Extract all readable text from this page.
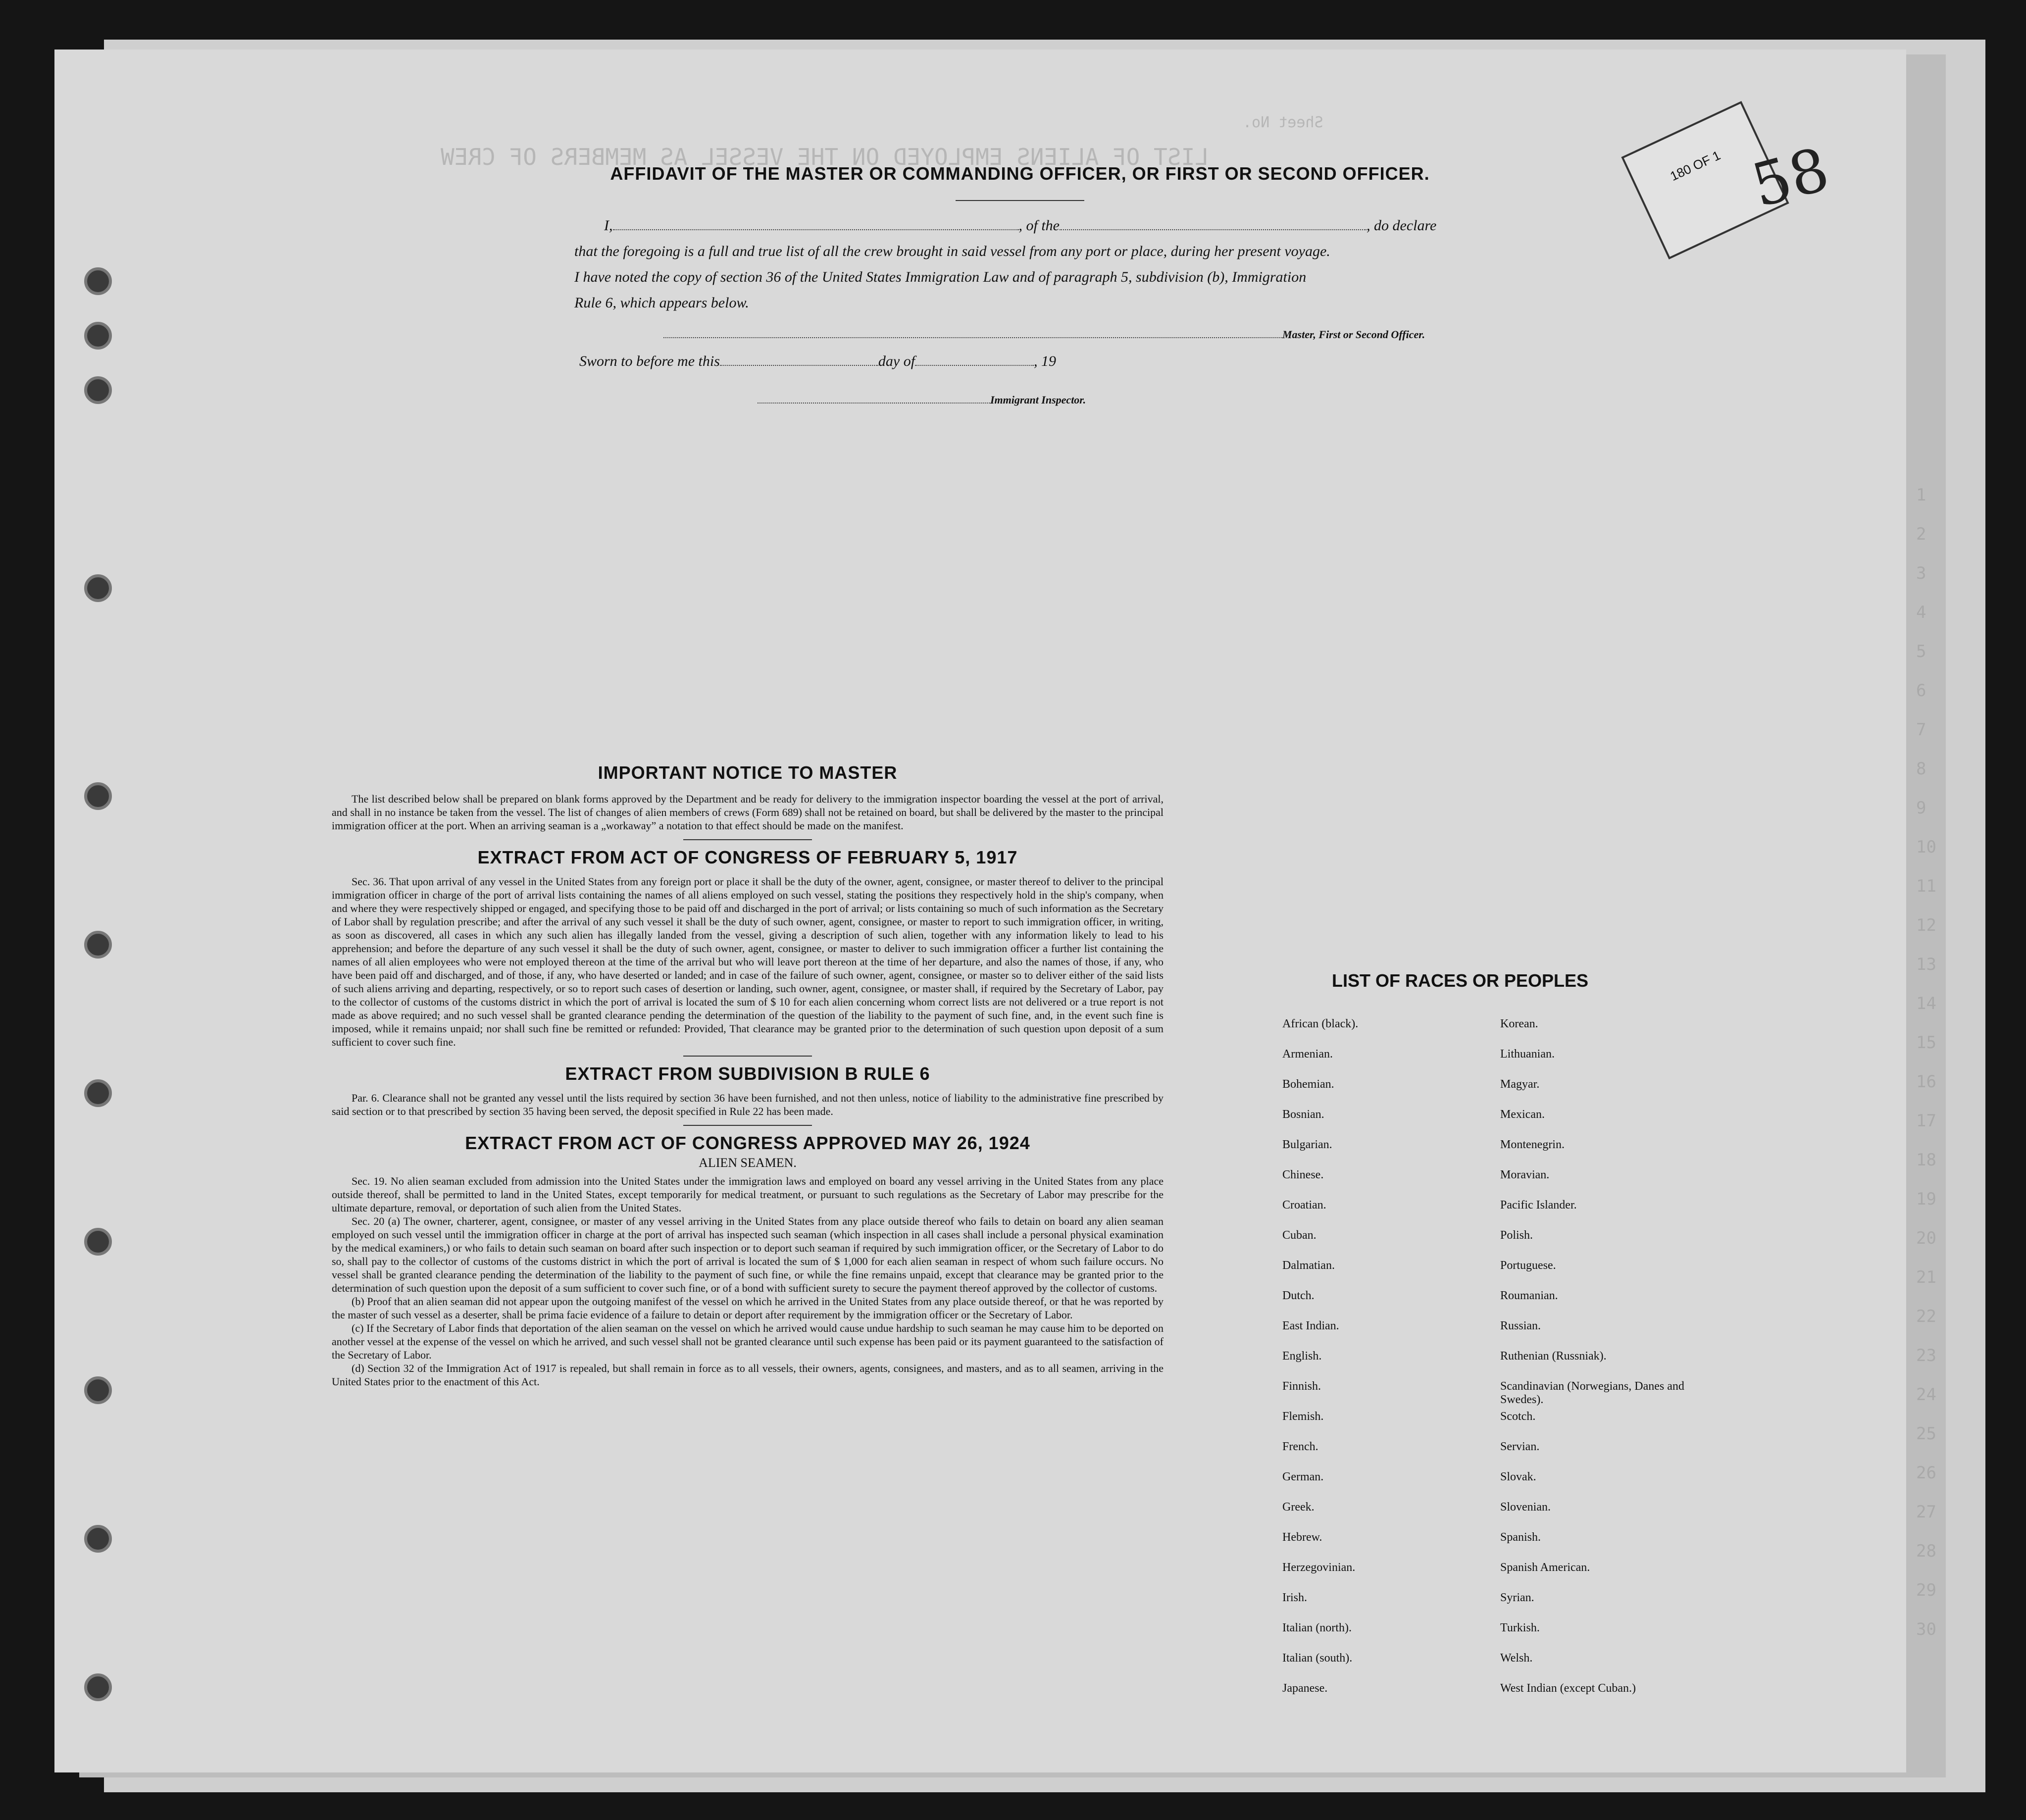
LIST OF ALIENS EMPLOYED ON THE VESSEL AS MEMBERS OF CREW
Sheet No.
1
2
3
4
5
6
7
8
9
10
11
12
13
14
15
16
17
18
19
20
21
22
23
24
25
26
27
28
29
30
180 OF 1 58
AFFIDAVIT OF THE MASTER OR COMMANDING OFFICER, OR FIRST OR SECOND OFFICER.
I,	, of the	, do declare
that the foregoing is a full and true list of all the crew brought in said vessel from any port or place, during her present voyage.
I have noted the copy of section 36 of the United States Immigration Law and of paragraph 5, subdivision (b), Immigration
Rule 6, which appears below.
Master, First or Second Officer.
Sworn to before me this	day of	, 19
Immigrant Inspector.
IMPORTANT NOTICE TO MASTER

The list described below shall be prepared on blank forms approved by the Department and be ready for delivery to the immigration inspector boarding the vessel at the port of arrival, and shall in no instance be taken from the vessel. The list of changes of alien members of crews (Form 689) shall not be retained on board, but shall be delivered by the master to the principal immigration officer at the port. When an arriving seaman is a „workaway” a notation to that effect should be made on the manifest.

EXTRACT FROM ACT OF CONGRESS OF FEBRUARY 5, 1917

Sec. 36. That upon arrival of any vessel in the United States from any foreign port or place it shall be the duty of the owner, agent, consignee, or master thereof to deliver to the principal immigration officer in charge of the port of arrival lists containing the names of all aliens employed on such vessel, stating the positions they respectively hold in the ship's company, when and where they were respectively shipped or engaged, and specifying those to be paid off and discharged in the port of arrival; or lists containing so much of such information as the Secretary of Labor shall by regulation prescribe; and after the arrival of any such vessel it shall be the duty of such owner, agent, consignee, or master to report to such immigration officer, in writing, as soon as discovered, all cases in which any such alien has illegally landed from the vessel, giving a description of such alien, together with any information likely to lead to his apprehension; and before the departure of any such vessel it shall be the duty of such owner, agent, consignee, or master to deliver to such immigration officer a further list containing the names of all alien employees who were not employed thereon at the time of the arrival but who will leave port thereon at the time of her departure, and also the names of those, if any, who have been paid off and discharged, and of those, if any, who have deserted or landed; and in case of the failure of such owner, agent, consignee, or master so to deliver either of the said lists of such aliens arriving and departing, respectively, or so to report such cases of desertion or landing, such owner, agent, consignee, or master shall, if required by the Secretary of Labor, pay to the collector of customs of the customs district in which the port of arrival is located the sum of $ 10 for each alien concerning whom correct lists are not delivered or a true report is not made as above required; and no such vessel shall be granted clearance pending the determination of the question of the liability to the payment of such fine, and, in the event such fine is imposed, while it remains unpaid; nor shall such fine be remitted or refunded: Provided, That clearance may be granted prior to the determination of such question upon deposit of a sum sufficient to cover such fine.

EXTRACT FROM SUBDIVISION B RULE 6

Par. 6. Clearance shall not be granted any vessel until the lists required by section 36 have been furnished, and not then unless, notice of liability to the administrative fine prescribed by said section or to that prescribed by section 35 having been served, the deposit specified in Rule 22 has been made.

EXTRACT FROM ACT OF CONGRESS APPROVED MAY 26, 1924
ALIEN SEAMEN.

Sec. 19. No alien seaman excluded from admission into the United States under the immigration laws and employed on board any vessel arriving in the United States from any place outside thereof, shall be permitted to land in the United States, except temporarily for medical treatment, or pursuant to such regulations as the Secretary of Labor may prescribe for the ultimate departure, removal, or deportation of such alien from the United States.

Sec. 20 (a) The owner, charterer, agent, consignee, or master of any vessel arriving in the United States from any place outside thereof who fails to detain on board any alien seaman employed on such vessel until the immigration officer in charge at the port of arrival has inspected such seaman (which inspection in all cases shall include a personal physical examination by the medical examiners,) or who fails to detain such seaman on board after such inspection or to deport such seaman if required by such immigration officer, or the Secretary of Labor to do so, shall pay to the collector of customs of the customs district in which the port of arrival is located the sum of $ 1,000 for each alien seaman in respect of whom such failure occurs. No vessel shall be granted clearance pending the determination of the liability to the payment of such fine, or while the fine remains unpaid, except that clearance may be granted prior to the determination of such question upon the deposit of a sum sufficient to cover such fine, or of a bond with sufficient surety to secure the payment thereof approved by the collector of customs.

(b) Proof that an alien seaman did not appear upon the outgoing manifest of the vessel on which he arrived in the United States from any place outside thereof, or that he was reported by the master of such vessel as a deserter, shall be prima facie evidence of a failure to detain or deport after requirement by the immigration officer or the Secretary of Labor.

(c) If the Secretary of Labor finds that deportation of the alien seaman on the vessel on which he arrived would cause undue hardship to such seaman he may cause him to be deported on another vessel at the expense of the vessel on which he arrived, and such vessel shall not be granted clearance until such expense has been paid or its payment guaranteed to the satisfaction of the Secretary of Labor.

(d) Section 32 of the Immigration Act of 1917 is repealed, but shall remain in force as to all vessels, their owners, agents, consignees, and masters, and as to all seamen, arriving in the United States prior to the enactment of this Act.

LIST OF RACES OR PEOPLES
African (black).	Korean.
Armenian.	Lithuanian.
Bohemian.	Magyar.
Bosnian.	Mexican.
Bulgarian.	Montenegrin.
Chinese.	Moravian.
Croatian.	Pacific Islander.
Cuban.	Polish.
Dalmatian.	Portuguese.
Dutch.	Roumanian.
East Indian.	Russian.
English.	Ruthenian (Russniak).
Finnish.	Scandinavian (Norwegians, Danes and Swedes).
Flemish.	Scotch.
French.	Servian.
German.	Slovak.
Greek.	Slovenian.
Hebrew.	Spanish.
Herzegovinian.	Spanish American.
Irish.	Syrian.
Italian (north).	Turkish.
Italian (south).	Welsh.
Japanese.	West Indian (except Cuban.)
